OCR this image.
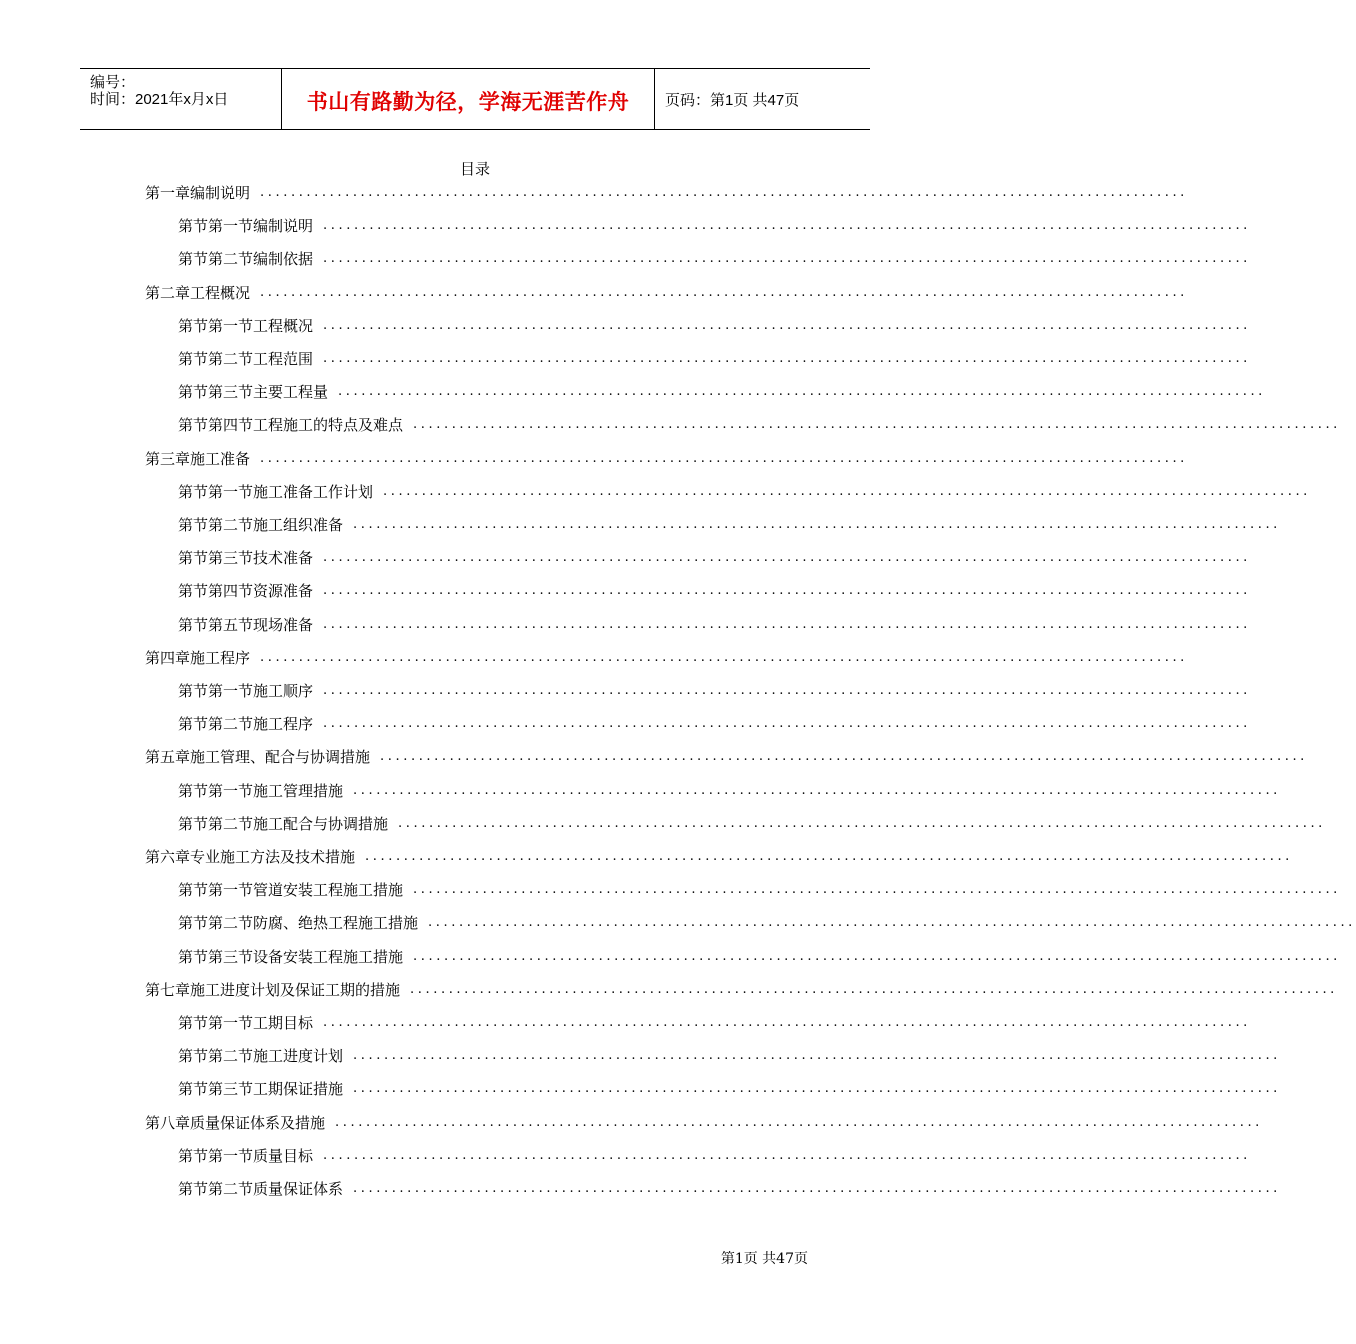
编号：
时间：2021年x月x日	书山有路勤为径，学海无涯苦作舟	页码：第1页 共47页
目录
第一章 编制说明 ........................................................................................................................
第节 第一节编制说明 ........................................................................................................................
第节 第二节编制依据 ........................................................................................................................
第二章 工程概况 ........................................................................................................................
第节 第一节工程概况 ........................................................................................................................
第节 第二节工程范围 ........................................................................................................................
第节 第三节主要工程量 ........................................................................................................................
第节 第四节工程施工的特点及难点 ........................................................................................................................
第三章 施工准备 ........................................................................................................................
第节 第一节施工准备工作计划 ........................................................................................................................
第节 第二节施工组织准备 ........................................................................................................................
第节 第三节技术准备 ........................................................................................................................
第节 第四节资源准备 ........................................................................................................................
第节 第五节现场准备 ........................................................................................................................
第四章 施工程序 ........................................................................................................................
第节 第一节施工顺序 ........................................................................................................................
第节 第二节施工程序 ........................................................................................................................
第五章 施工管理、配合与协调措施 ........................................................................................................................
第节 第一节施工管理措施 ........................................................................................................................
第节 第二节施工配合与协调措施 ........................................................................................................................
第六章 专业施工方法及技术措施 ........................................................................................................................
第节 第一节管道安装工程施工措施 ........................................................................................................................
第节 第二节防腐、绝热工程施工措施 ........................................................................................................................
第节 第三节设备安装工程施工措施 ........................................................................................................................
第七章 施工进度计划及保证工期的措施 ........................................................................................................................
第节 第一节工期目标 ........................................................................................................................
第节 第二节施工进度计划 ........................................................................................................................
第节 第三节工期保证措施 ........................................................................................................................
第八章 质量保证体系及措施 ........................................................................................................................
第节 第一节质量目标 ........................................................................................................................
第节 第二节质量保证体系 ........................................................................................................................
第1页 共47页
